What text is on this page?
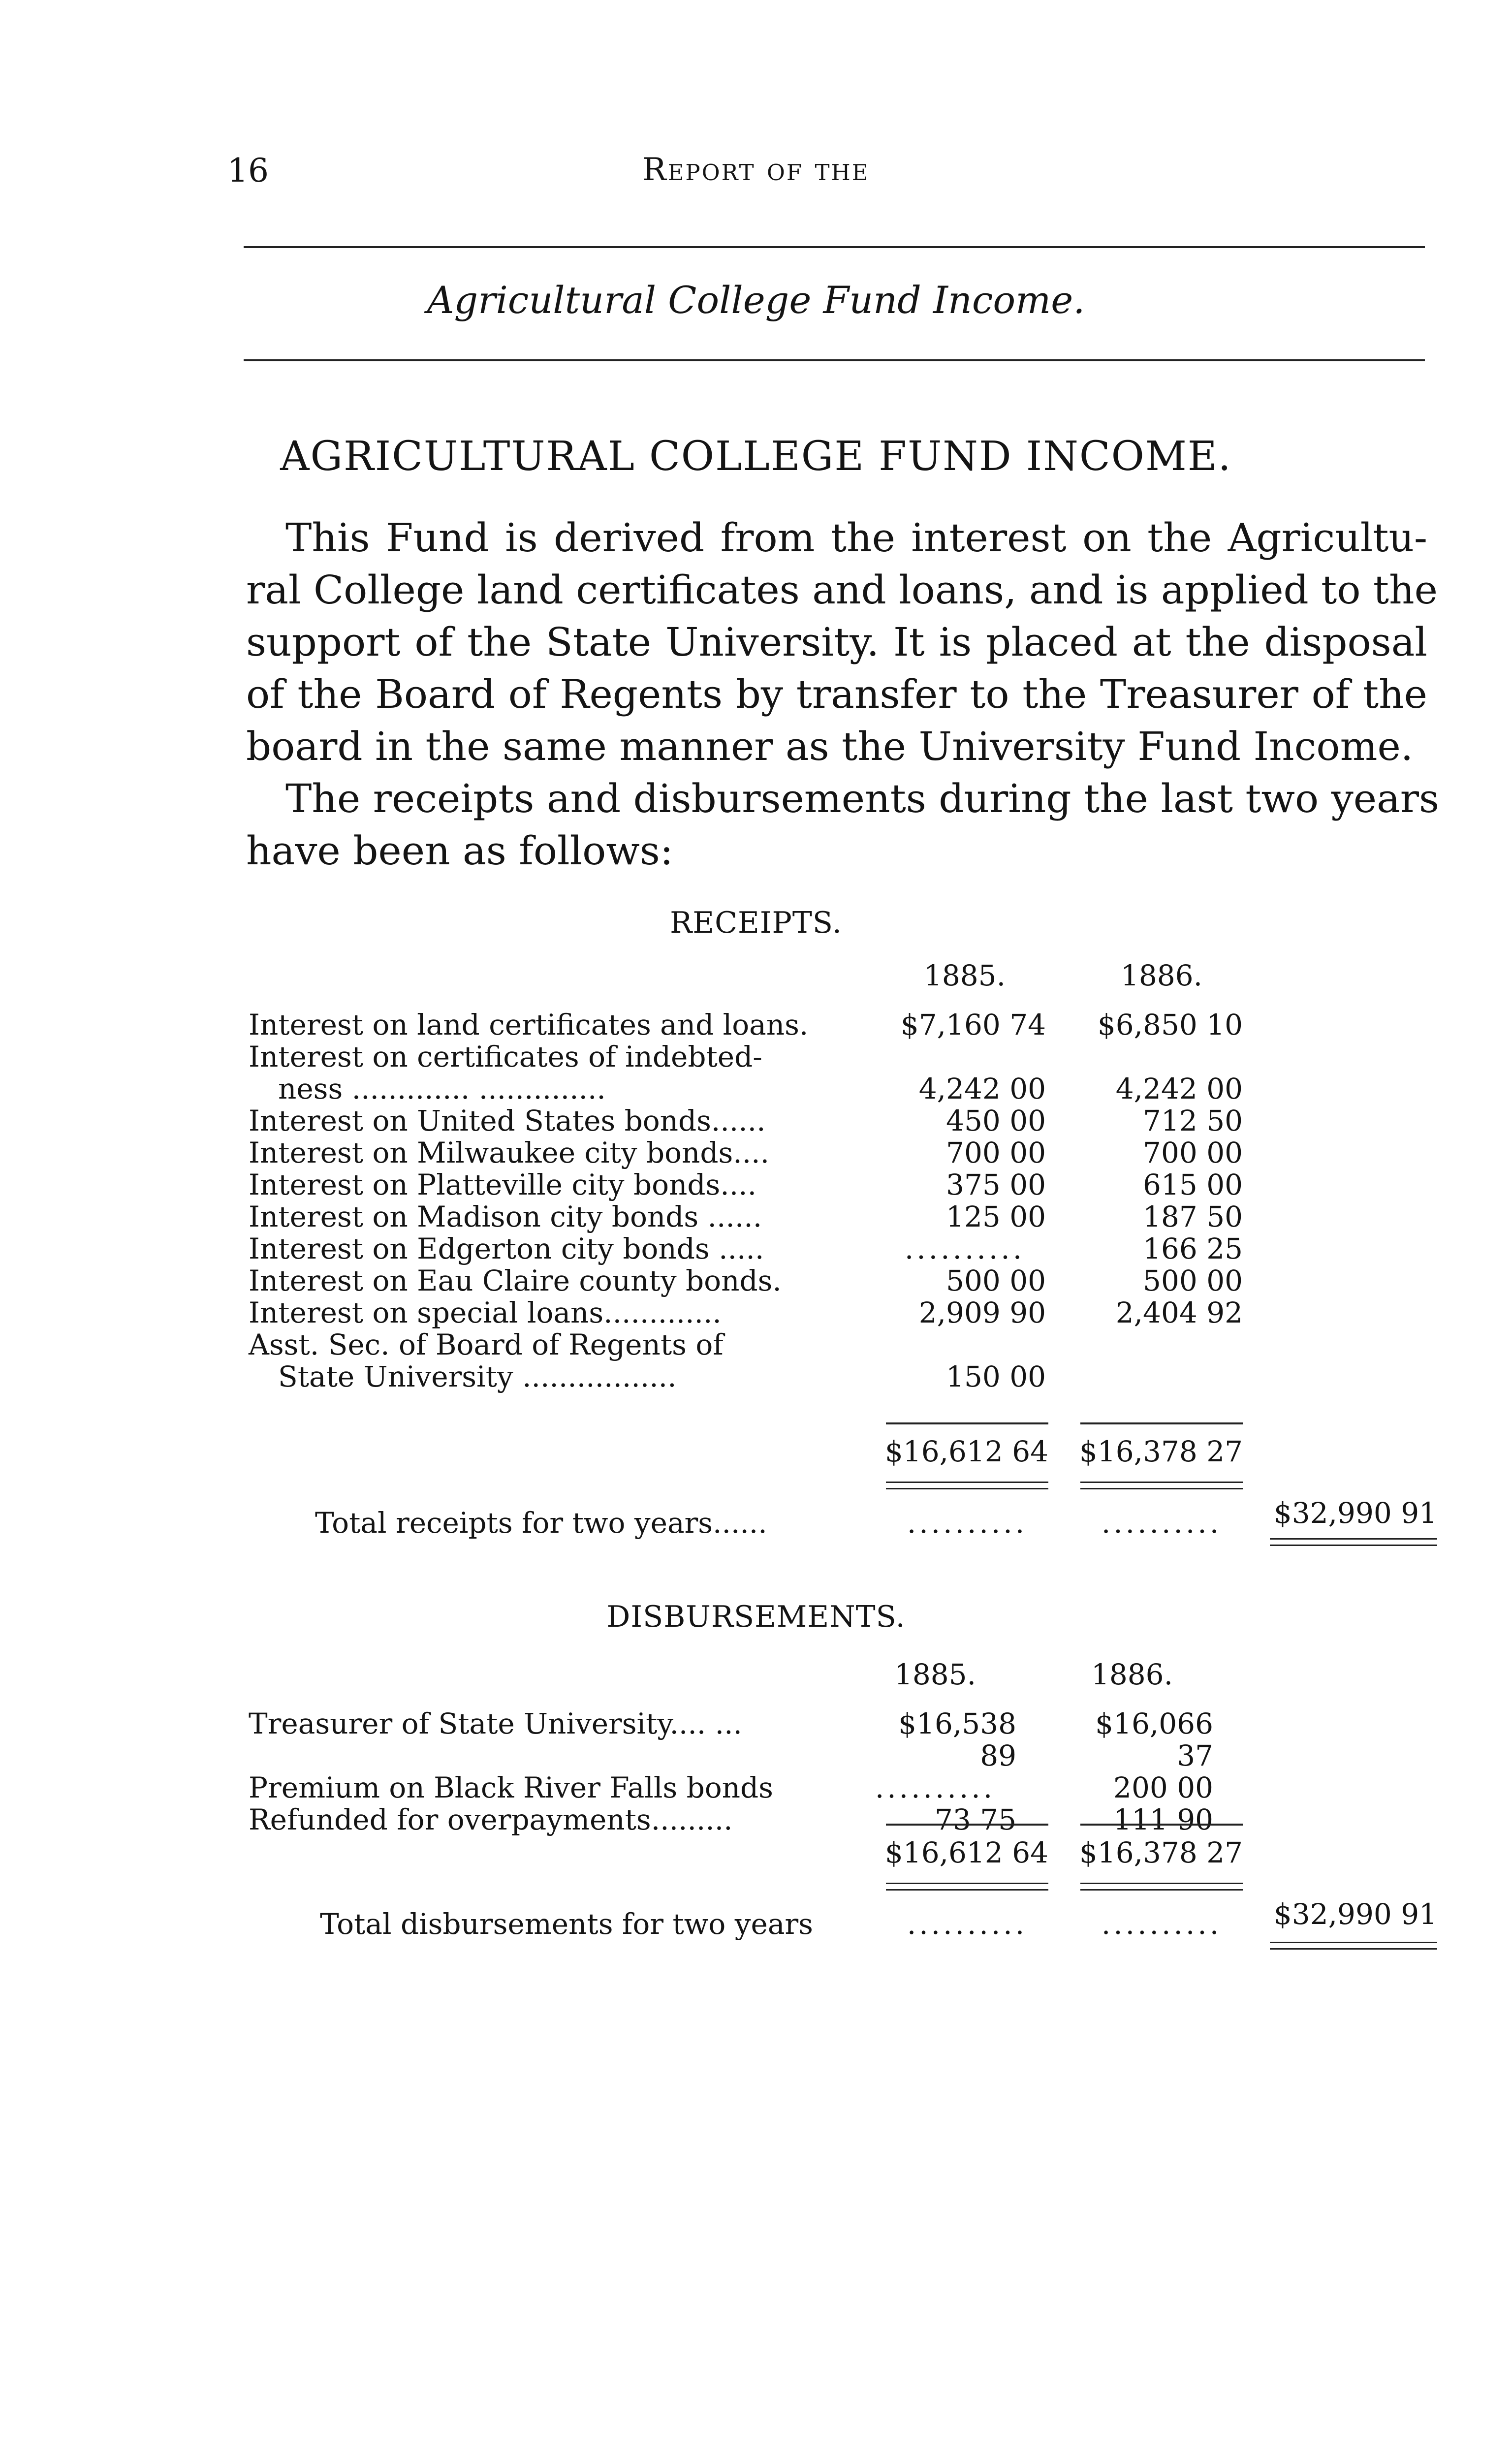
16	Report of the
Agricultural College Fund Income.
AGRICULTURAL COLLEGE FUND INCOME.
This Fund is derived from the interest on the Agricultu-
ral College land certificates and loans, and is applied to the
support of the State University. It is placed at the disposal
of the Board of Regents by transfer to the Treasurer of the
board in the same manner as the University Fund Income.
The receipts and disbursements during the last two years
have been as follows:
RECEIPTS.
	1885.		1886.

Interest on land certificates and loans.	$7,160 74		$6,850 10
Interest on certificates of indebted-			
ness ............. ..............	4,242 00		4,242 00
Interest on United States bonds......	450 00		712 50
Interest on Milwaukee city bonds....	700 00		700 00
Interest on Platteville city bonds....	375 00		615 00
Interest on Madison city bonds ......	125 00		187 50
Interest on Edgerton city bonds .....	..........		166 25
Interest on Eau Claire county bonds.	500 00		500 00
Interest on special loans.............	2,909 90		2,404 92
Asst. Sec. of Board of Regents of			
State University .................	150 00		
$16,612 64 $16,378 27
Total receipts for two years......	..........	..........	$32,990 91
DISBURSEMENTS.
	1885.		1886.

Treasurer of State University.... ...	$16,538 89		$16,066 37
Premium on Black River Falls bonds	..........		200 00
Refunded for overpayments.........	73 75		111 90
$16,612 64 $16,378 27
Total disbursements for two years	..........	..........	$32,990 91
